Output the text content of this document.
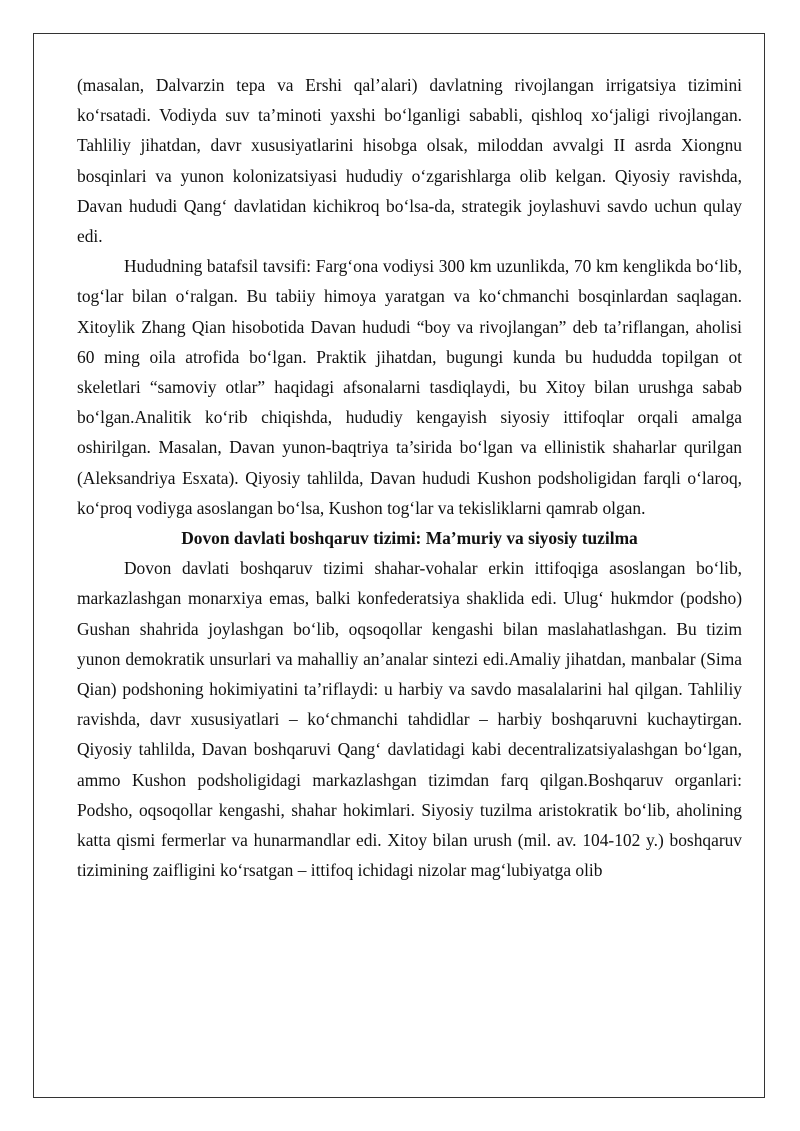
(masalan, Dalvarzin tepa va Ershi qal’alari) davlatning rivojlangan irrigatsiya tizimini ko‘rsatadi. Vodiyda suv ta’minoti yaxshi bo‘lganligi sababli, qishloq xo‘jaligi rivojlangan. Tahliliy jihatdan, davr xususiyatlarini hisobga olsak, miloddan avvalgi II asrda Xiongnu bosqinlari va yunon kolonizatsiyasi hududiy o‘zgarishlarga olib kelgan. Qiyosiy ravishda, Davan hududi Qang‘ davlatidan kichikroq bo‘lsa-da, strategik joylashuvi savdo uchun qulay edi.

Hududning batafsil tavsifi: Farg‘ona vodiysi 300 km uzunlikda, 70 km kenglikda bo‘lib, tog‘lar bilan o‘ralgan. Bu tabiiy himoya yaratgan va ko‘chmanchi bosqinlardan saqlagan. Xitoylik Zhang Qian hisobotida Davan hududi “boy va rivojlangan” deb ta’riflangan, aholisi 60 ming oila atrofida bo‘lgan. Praktik jihatdan, bugungi kunda bu hududda topilgan ot skeletlari “samoviy otlar” haqidagi afsonalarni tasdiqlaydi, bu Xitoy bilan urushga sabab bo‘lgan.Analitik ko‘rib chiqishda, hududiy kengayish siyosiy ittifoqlar orqali amalga oshirilgan. Masalan, Davan yunon-baqtriya ta’sirida bo‘lgan va ellinistik shaharlar qurilgan (Aleksandriya Esxata). Qiyosiy tahlilda, Davan hududi Kushon podsholigidan farqli o‘laroq, ko‘proq vodiyga asoslangan bo‘lsa, Kushon tog‘lar va tekisliklarni qamrab olgan.

Dovon davlati boshqaruv tizimi: Ma’muriy va siyosiy tuzilma

Dovon davlati boshqaruv tizimi shahar-vohalar erkin ittifoqiga asoslangan bo‘lib, markazlashgan monarxiya emas, balki konfederatsiya shaklida edi. Ulug‘ hukmdor (podsho) Gushan shahrida joylashgan bo‘lib, oqsoqollar kengashi bilan maslahatlashgan. Bu tizim yunon demokratik unsurlari va mahalliy an’analar sintezi edi.Amaliy jihatdan, manbalar (Sima Qian) podshoning hokimiyatini ta’riflaydi: u harbiy va savdo masalalarini hal qilgan. Tahliliy ravishda, davr xususiyatlari – ko‘chmanchi tahdidlar – harbiy boshqaruvni kuchaytirgan. Qiyosiy tahlilda, Davan boshqaruvi Qang‘ davlatidagi kabi decentralizatsiyalashgan bo‘lgan, ammo Kushon podsholigidagi markazlashgan tizimdan farq qilgan.Boshqaruv organlari: Podsho, oqsoqollar kengashi, shahar hokimlari. Siyosiy tuzilma aristokratik bo‘lib, aholining katta qismi fermerlar va hunarmandlar edi. Xitoy bilan urush (mil. av. 104-102 y.) boshqaruv tizimining zaifligini ko‘rsatgan – ittifoq ichidagi nizolar mag‘lubiyatga olib
